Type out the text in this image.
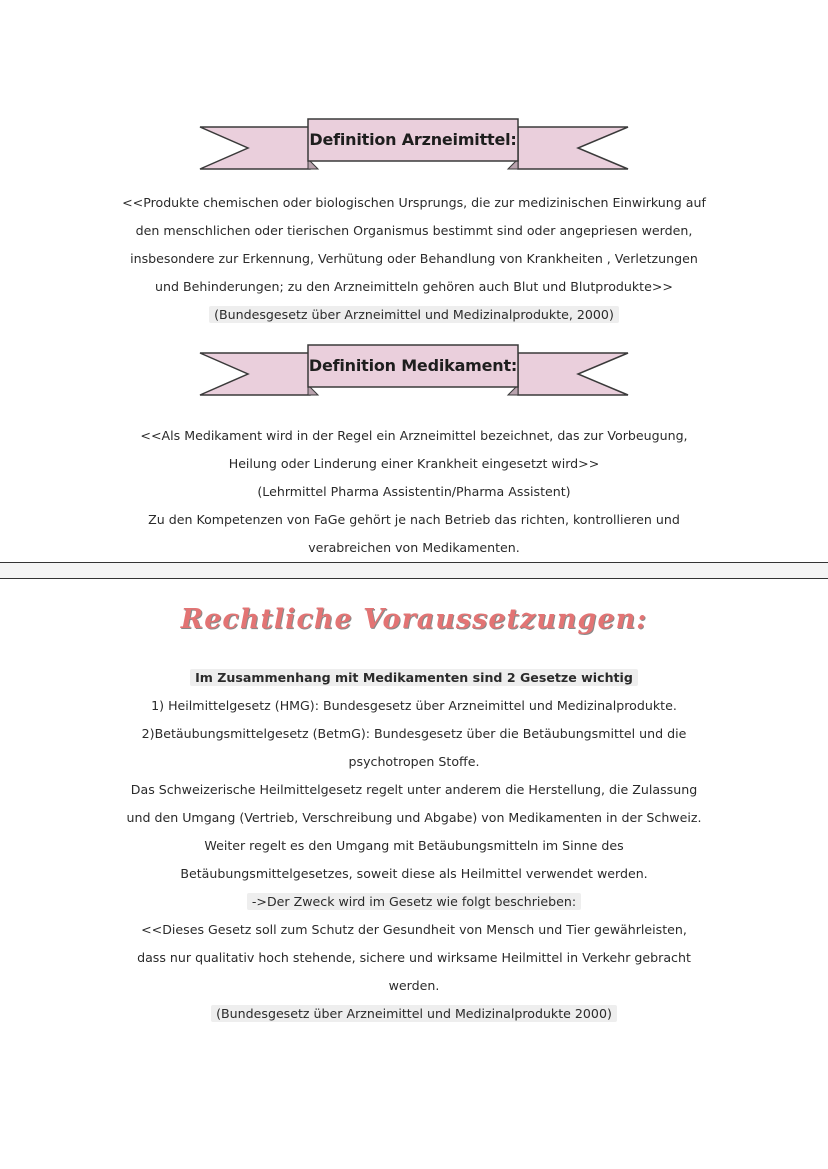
Definition Arzneimittel:

<<Produkte chemischen oder biologischen Ursprungs, die zur medizinischen Einwirkung auf

den menschlichen oder tierischen Organismus bestimmt sind oder angepriesen werden,

insbesondere zur Erkennung, Verhütung oder Behandlung von Krankheiten , Verletzungen

und Behinderungen; zu den Arzneimitteln gehören auch Blut und Blutprodukte>>

(Bundesgesetz über Arzneimittel und Medizinalprodukte, 2000)

Definition Medikament:

<<Als Medikament wird in der Regel ein Arzneimittel bezeichnet, das zur Vorbeugung,

Heilung oder Linderung einer Krankheit eingesetzt wird>>

(Lehrmittel Pharma Assistentin/Pharma Assistent)

Zu den Kompetenzen von FaGe gehört je nach Betrieb das richten, kontrollieren und

verabreichen von Medikamenten.

Rechtliche Voraussetzungen:

Im Zusammenhang mit Medikamenten sind 2 Gesetze wichtig

1) Heilmittelgesetz (HMG): Bundesgesetz über Arzneimittel und Medizinalprodukte.

2)Betäubungsmittelgesetz (BetmG): Bundesgesetz über die Betäubungsmittel und die

psychotropen Stoffe.

Das Schweizerische Heilmittelgesetz regelt unter anderem die Herstellung, die Zulassung

und den Umgang (Vertrieb, Verschreibung und Abgabe) von Medikamenten in der Schweiz.

Weiter regelt es den Umgang mit Betäubungsmitteln im Sinne des

Betäubungsmittelgesetzes, soweit diese als Heilmittel verwendet werden.

->Der Zweck wird im Gesetz wie folgt beschrieben:

<<Dieses Gesetz soll zum Schutz der Gesundheit von Mensch und Tier gewährleisten,

dass nur qualitativ hoch stehende, sichere und wirksame Heilmittel in Verkehr gebracht

werden.

(Bundesgesetz über Arzneimittel und Medizinalprodukte 2000)
